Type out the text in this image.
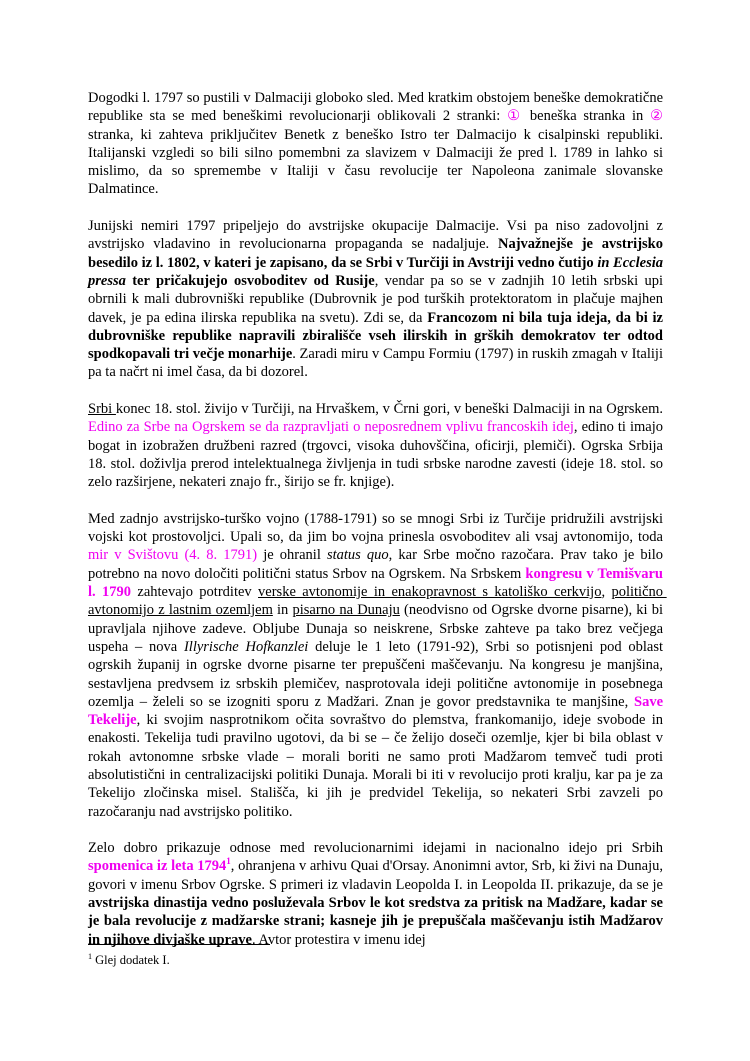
Dogodki l. 1797 so pustili v Dalmaciji globoko sled. Med kratkim obstojem beneške demokratične republike sta se med beneškimi revolucionarji oblikovali 2 stranki: ① beneška stranka in ② stranka, ki zahteva priključitev Benetk z beneško Istro ter Dalmacijo k cisalpinski republiki. Italijanski vzgledi so bili silno pomembni za slavizem v Dalmaciji že pred l. 1789 in lahko si mislimo, da so spremembe v Italiji v času revolucije ter Napoleona zanimale slovanske Dalmatince.

Junijski nemiri 1797 pripeljejo do avstrijske okupacije Dalmacije. Vsi pa niso zadovoljni z avstrijsko vladavino in revolucionarna propaganda se nadaljuje. Najvažnejše je avstrijsko besedilo iz l. 1802, v kateri je zapisano, da se Srbi v Turčiji in Avstriji vedno čutijo in Ecclesia pressa ter pričakujejo osvoboditev od Rusije, vendar pa so se v zadnjih 10 letih srbski upi obrnili k mali dubrovniški republike (Dubrovnik je pod turških protektoratom in plačuje majhen davek, je pa edina ilirska republika na svetu). Zdi se, da Francozom ni bila tuja ideja, da bi iz dubrovniške republike napravili zbirališče vseh ilirskih in grških demokratov ter odtod spodkopavali tri večje monarhije. Zaradi miru v Campu Formiu (1797) in ruskih zmagah v Italiji pa ta načrt ni imel časa, da bi dozorel.

Srbi konec 18. stol. živijo v Turčiji, na Hrvaškem, v Črni gori, v beneški Dalmaciji in na Ogrskem. Edino za Srbe na Ogrskem se da razpravljati o neposrednem vplivu francoskih idej, edino ti imajo bogat in izobražen družbeni razred (trgovci, visoka duhovščina, oficirji, plemiči). Ogrska Srbija 18. stol. doživlja prerod intelektualnega življenja in tudi srbske narodne zavesti (ideje 18. stol. so zelo razširjene, nekateri znajo fr., širijo se fr. knjige).

Med zadnjo avstrijsko-turško vojno (1788-1791) so se mnogi Srbi iz Turčije pridružili avstrijski vojski kot prostovoljci. Upali so, da jim bo vojna prinesla osvoboditev ali vsaj avtonomijo, toda mir v Svištovu (4. 8. 1791) je ohranil status quo, kar Srbe močno razočara. Prav tako je bilo potrebno na novo določiti politični status Srbov na Ogrskem. Na Srbskem kongresu v Temišvaru l. 1790 zahtevajo potrditev verske avtonomije in enakopravnost s katoliško cerkvijo, politično avtonomijo z lastnim ozemljem in pisarno na Dunaju (neodvisno od Ogrske dvorne pisarne), ki bi upravljala njihove zadeve. Obljube Dunaja so neiskrene, Srbske zahteve pa tako brez večjega uspeha – nova Illyrische Hofkanzlei deluje le 1 leto (1791-92), Srbi so potisnjeni pod oblast ogrskih županij in ogrske dvorne pisarne ter prepuščeni maščevanju. Na kongresu je manjšina, sestavljena predvsem iz srbskih plemičev, nasprotovala ideji politične avtonomije in posebnega ozemlja – želeli so se izogniti sporu z Madžari. Znan je govor predstavnika te manjšine, Save Tekelije, ki svojim nasprotnikom očita sovraštvo do plemstva, frankomanijo, ideje svobode in enakosti. Tekelija tudi pravilno ugotovi, da bi se – če želijo doseči ozemlje, kjer bi bila oblast v rokah avtonomne srbske vlade – morali boriti ne samo proti Madžarom temveč tudi proti absolutistični in centralizacijski politiki Dunaja. Morali bi iti v revolucijo proti kralju, kar pa je za Tekelijo zločinska misel. Stališča, ki jih je predvidel Tekelija, so nekateri Srbi zavzeli po razočaranju nad avstrijsko politiko.

Zelo dobro prikazuje odnose med revolucionarnimi idejami in nacionalno idejo pri Srbih spomenica iz leta 1794$^1$, ohranjena v arhivu Quai d'Orsay. Anonimni avtor, Srb, ki živi na Dunaju, govori v imenu Srbov Ogrske. S primeri iz vladavin Leopolda I. in Leopolda II. prikazuje, da se je avstrijska dinastija vedno posluževala Srbov le kot sredstva za pritisk na Madžare, kadar se je bala revolucije z madžarske strani; kasneje jih je prepuščala maščevanju istih Madžarov in njihove divjaške uprave. Avtor protestira v imenu idej

$^1$ Glej dodatek I.
